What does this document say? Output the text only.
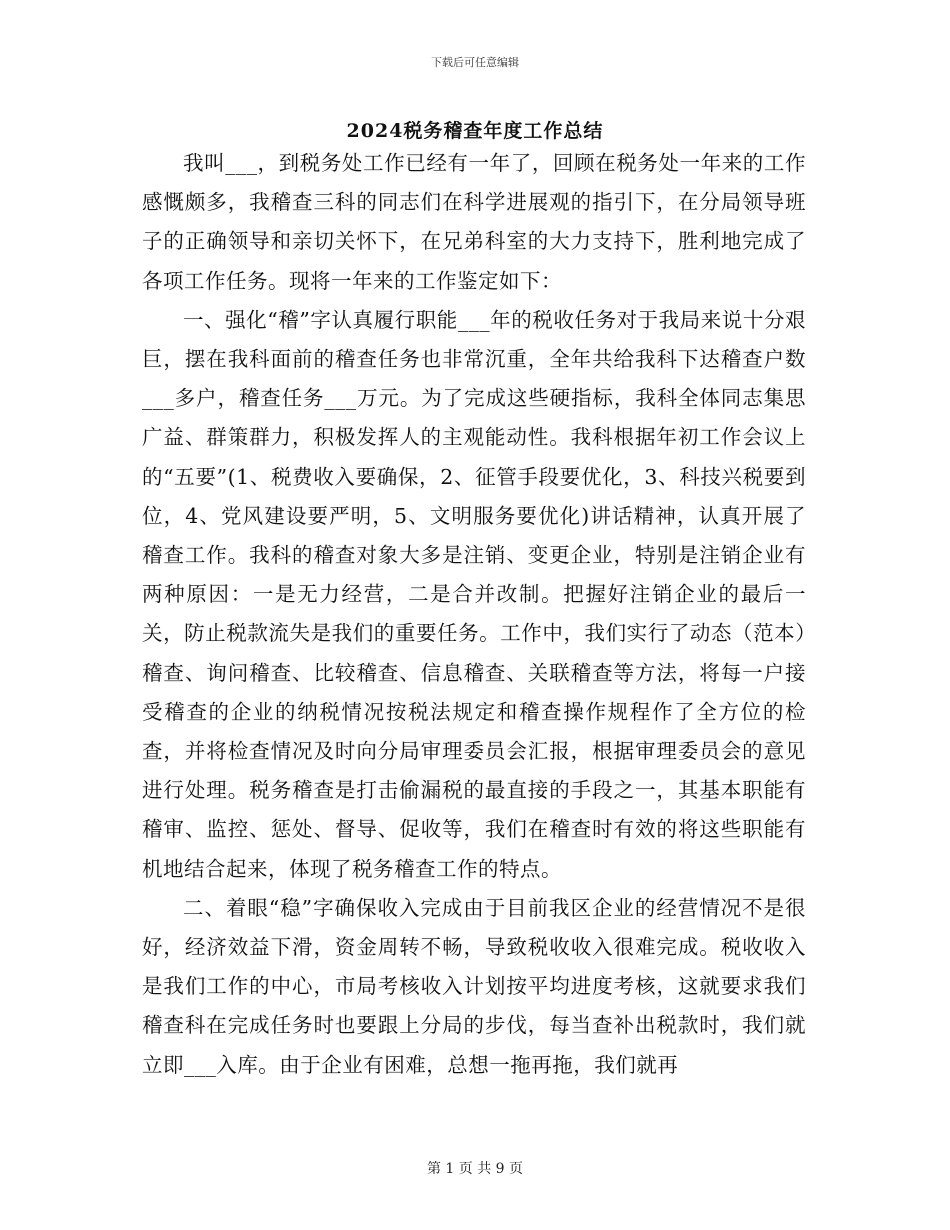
下载后可任意编辑
2024税务稽查年度工作总结

我叫___，到税务处工作已经有一年了，回顾在税务处一年来的工作感慨颇多，我稽查三科的同志们在科学进展观的指引下，在分局领导班子的正确领导和亲切关怀下，在兄弟科室的大力支持下，胜利地完成了各项工作任务。现将一年来的工作鉴定如下：

一、强化“稽”字认真履行职能___年的税收任务对于我局来说十分艰巨，摆在我科面前的稽查任务也非常沉重，全年共给我科下达稽查户数___多户，稽查任务___万元。为了完成这些硬指标，我科全体同志集思广益、群策群力，积极发挥人的主观能动性。我科根据年初工作会议上的“五要”(1、税费收入要确保，2、征管手段要优化，3、科技兴税要到位，4、党风建设要严明，5、文明服务要优化)讲话精神，认真开展了稽查工作。我科的稽查对象大多是注销、变更企业，特别是注销企业有两种原因：一是无力经营，二是合并改制。把握好注销企业的最后一关，防止税款流失是我们的重要任务。工作中，我们实行了动态（范本）稽查、询问稽查、比较稽查、信息稽查、关联稽查等方法，将每一户接受稽查的企业的纳税情况按税法规定和稽查操作规程作了全方位的检查，并将检查情况及时向分局审理委员会汇报，根据审理委员会的意见进行处理。税务稽查是打击偷漏税的最直接的手段之一，其基本职能有稽审、监控、惩处、督导、促收等，我们在稽查时有效的将这些职能有机地结合起来，体现了税务稽查工作的特点。

二、着眼“稳”字确保收入完成由于目前我区企业的经营情况不是很好，经济效益下滑，资金周转不畅，导致税收收入很难完成。税收收入是我们工作的中心，市局考核收入计划按平均进度考核，这就要求我们稽查科在完成任务时也要跟上分局的步伐，每当查补出税款时，我们就立即___入库。由于企业有困难，总想一拖再拖，我们就再

第 1 页 共 9 页
